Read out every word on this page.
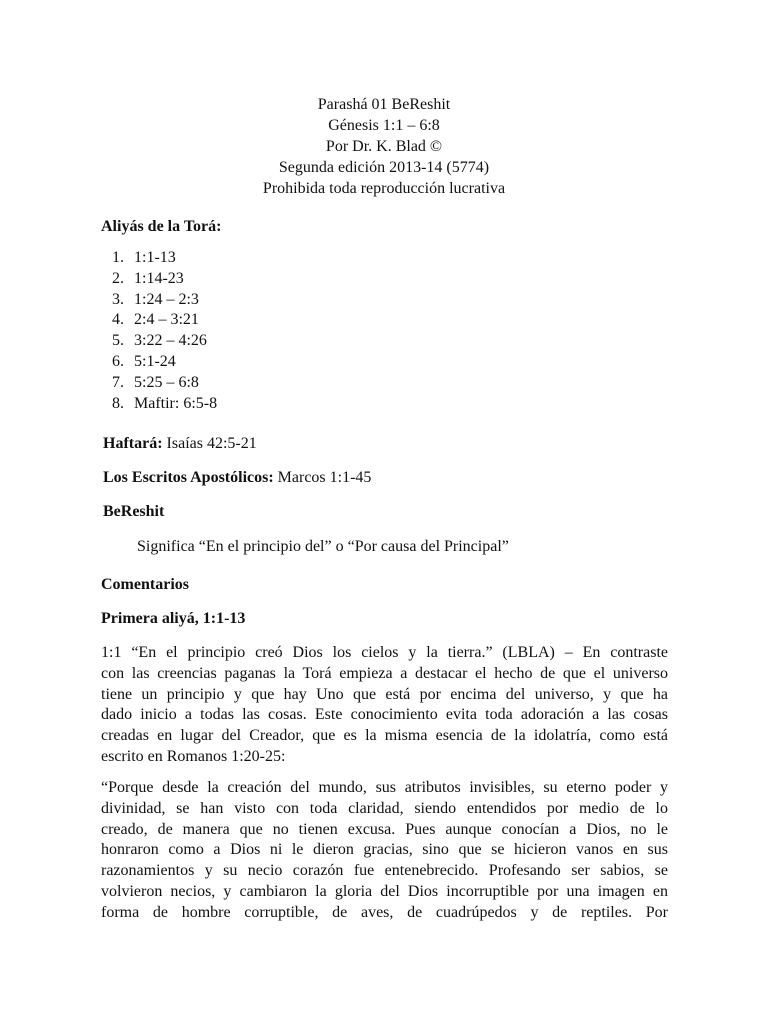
Parashá 01 BeReshit
Génesis 1:1 – 6:8
Por Dr. K. Blad ©
Segunda edición 2013-14 (5774)
Prohibida toda reproducción lucrativa
Aliyás de la Torá:
1. 1:1-13
2. 1:14-23
3. 1:24 – 2:3
4. 2:4 – 3:21
5. 3:22 – 4:26
6. 5:1-24
7. 5:25 – 6:8
8. Maftir: 6:5-8
Haftará: Isaías 42:5-21
Los Escritos Apostólicos: Marcos 1:1-45
BeReshit
Significa “En el principio del” o “Por causa del Principal”
Comentarios
Primera aliyá, 1:1-13
1:1 “En el principio creó Dios los cielos y la tierra.” (LBLA) – En contraste
con las creencias paganas la Torá empieza a destacar el hecho de que el universo
tiene un principio y que hay Uno que está por encima del universo, y que ha
dado inicio a todas las cosas. Este conocimiento evita toda adoración a las cosas
creadas en lugar del Creador, que es la misma esencia de la idolatría, como está
escrito en Romanos 1:20-25:
“Porque desde la creación del mundo, sus atributos invisibles, su eterno poder y
divinidad, se han visto con toda claridad, siendo entendidos por medio de lo
creado, de manera que no tienen excusa. Pues aunque conocían a Dios, no le
honraron como a Dios ni le dieron gracias, sino que se hicieron vanos en sus
razonamientos y su necio corazón fue entenebrecido. Profesando ser sabios, se
volvieron necios, y cambiaron la gloria del Dios incorruptible por una imagen en
forma de hombre corruptible, de aves, de cuadrúpedos y de reptiles. Por
